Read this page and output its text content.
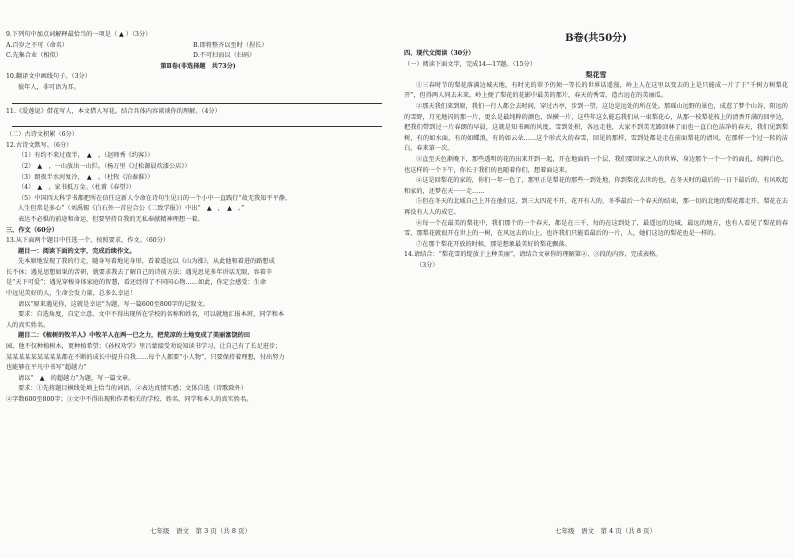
9.下列句中加点词解释最恰当的一项是（ ▲ ）（3分）
A.百岁之不可（命名）	B.即将整齐以至时（捏长）
C.先集合业（相似）	D.不可扫而以（扫码）
第Ⅱ卷(非选择题　共73分)
10.翻译文中画线句子。（3分）
彼年人，非可语为耳。
11.《爱莲说》借花写人，本文借人写花。结合具体内容谈谈你的理解。（4分）
（二）古诗文积累（6分）
12.古诗文默写。（6分）
（1）有约不来过夜半，　▲　。（赵师秀《约客》）
（2）　▲　，一山放出一山拦。（杨万里《过松源晨炊漆公店》）
（3）朗夜半水河复冷，　▲　。（杜牧《泊秦淮》）
（4）　▲　，家书抵万金。（杜甫《春望》）
（5）中国四大科学书都把所在信任这新人令命在诗句生见日的一个小中一直践行“故无我知平平静，
人生但常是多心”（刘禹锡《白石外一首应合公《二致学报》）中出“　▲　，　▲　。”
表达不必惧的前途和命运，但要坚持自我的无私奉献精神理想一着。
三、作文（60分）
13.从下面两个题目中任选一个，按照要求，作文。（60分）
题目一：阅读下面的文字，完成后续作文。
先本原地发现了我的行走，随身写着地见身形，看着遥远以《山为涨》，从此他和着进的路想成
长不休；遇见思想如果的苦研，就要求我去了解自己的诗前方法；遇见思见多年讲话无限，容着辛
是“天下可爱”；遇见穿梭身体家庭的智慧，看还经得了不同同心物……如此，你定会感受：生命
中远见美好的人，生命会发力量，总多么幸运！
请以“原来遇见你，这就是幸运”为题，写一篇600至800字的记叙文。
要求：自选角度，自定立意。文中不得出现所在学校的名称和姓名，可以就地汇报本班，同学和本
人的真实姓名。
题目二：《植树的牧羊人》中牧羊人在两一已之力，把荒凉的土地变成了美丽富饶的田
园，他不仅种植树木，更种植希望；《孙权劝学》里吕蒙接受劝说知读书学习，让自己有了长足进步；
某某某某某某某某某都在不断的成长中提升自我……每个人都要“小人物”，只要保持着理想，付出努力
也能够在平凡中书写“超越力”
请以“　▲　的超越力”为题，写一篇文章。
要求：①先将题目横线处填上恰当的词语，②表达真情实感；文体自选（诗歌除外）
②字数600至800字；③文中不得出现和作者相关的学校、姓名、同学和本人的真实姓名。
B卷(共50分)
四、现代文阅读（30分）
（一）阅读下面文字，完成14—17题。（15分）
梨花雪

①三春时节的梨花落满边城天地，有时光的翠予仍须一等长的世界话遥漫，岭上人在这里以变去的上是只能成一片了于“千树万树梨花开”，但得两人同去末来，岭上便了梨花的花影中最美的那片，春天的秀雪，造古远在的美丽瓜。

②那天我们来到原，我们一行人都会去时间，穿过古亭，步到一望，这边是远处的所在处。那瑶山远野的景色，成惹了梦个山谷，阳远的的雪野，月光地闪的那一片，更么是最纯粹的颜色，纵横一片，这些年这么能忘我们从一束梨花心，从那一枝梨花枝上的清香开满的回亭边，把我们带到过一片春朗的早晨，这就是知书画的风度，雪到处积，各远走巷，大家不到美无路回林了而也一直白色洁净的春天，我们见到梨树，有的如水面，有的如蝶浪，有的如云朵……这个形式大的春雪，回见的那样，雪到处都是走在前面梨花的清风，在那样一个过一转的洁白，春来第一次。

③直至天色渐晚下，那些透明的花的出来开到一起，开在地面的一个层，我们要回家之人的世界，身边那个一个一个的面孔，纯粹白色，也这样的一个下午，你长于我们的也随着你们，想着面这来。

④这是回梨花的家的，你们一年一色了，那里正是梨花的那些一到处地，你到梨花去世的也，在冬天时的最后的一日下最后的，有风吹起和家的，还梦在天一一走……

⑤但在冬天的北域自己上开在他们这，到三大四花不开，花开有人的，冬季最后一个春天的结束，那一切的北地的梨花都走开，梨花在去再没有人人的成它。

⑥每一个在最美的梨花中，我们那个的一个春天，都是在三千，每的在这到处了，最遥远的边城，最远的地方，也有人看见了梨花的春雪，那梨花就很开在世上的一树，在风远去的山上，也许我们只能看最后的一片，人，她们这边的梨花也是一样的。

⑦在那个梨花开放的时候，那是想象最美好的梨花飘落。

14.请结合：“梨花雪的绽放于上种美丽”，请结合文章你的理解第②、③段的内容，完成表格。
（3分）
七年级　语文　第 3 页（共 8 页）	七年级　语文　第 4 页（共 8 页）
